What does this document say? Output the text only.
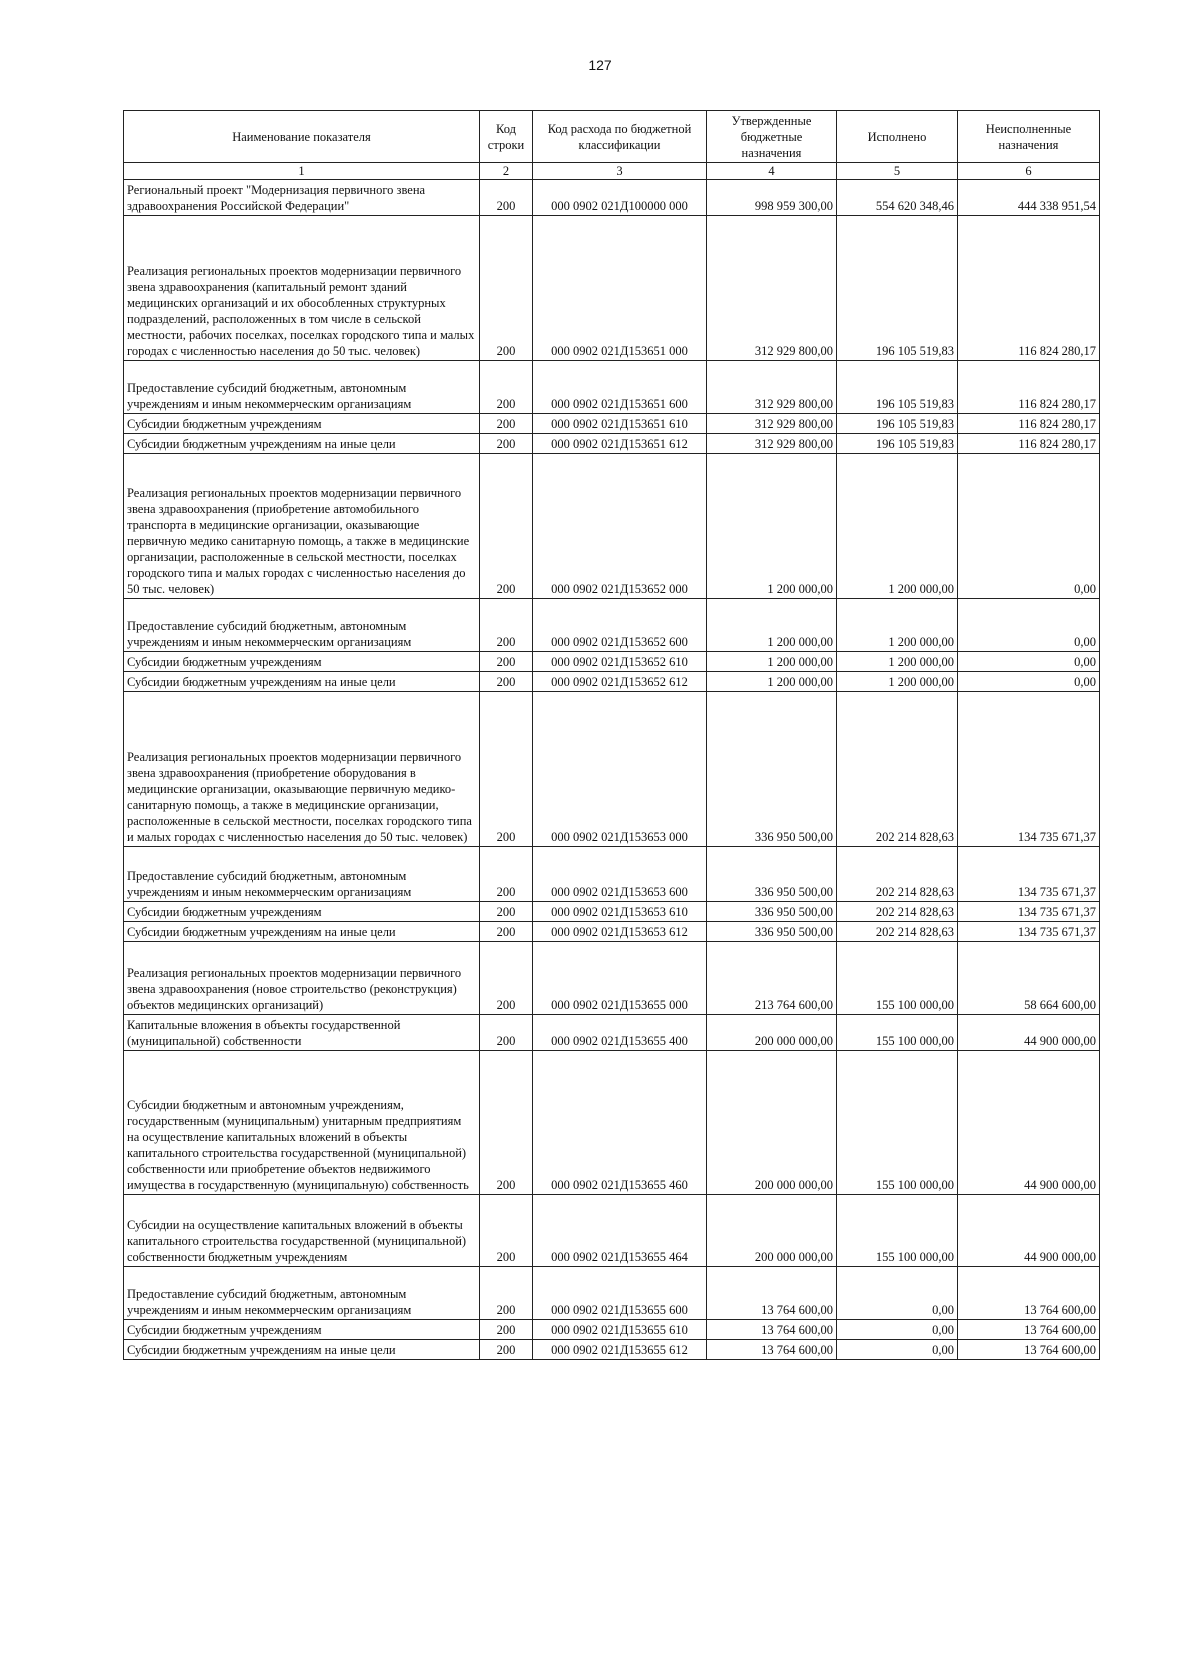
127
Наименование показателя	Код строки	Код расхода по бюджетной классификации	Утвержденные бюджетные назначения	Исполнено	Неисполненные назначения
1	2	3	4	5	6
Региональный проект "Модернизация первичного звена здравоохранения Российской Федерации"	200	000 0902 021Д100000 000	998 959 300,00	554 620 348,46	444 338 951,54
Реализация региональных проектов модернизации первичного звена здравоохранения (капитальный ремонт зданий медицинских организаций и их обособленных структурных подразделений, расположенных в том числе в сельской местности, рабочих поселках, поселках городского типа и малых городах с численностью населения до 50 тыс. человек)	200	000 0902 021Д153651 000	312 929 800,00	196 105 519,83	116 824 280,17
Предоставление субсидий бюджетным, автономным учреждениям и иным некоммерческим организациям	200	000 0902 021Д153651 600	312 929 800,00	196 105 519,83	116 824 280,17
Субсидии бюджетным учреждениям	200	000 0902 021Д153651 610	312 929 800,00	196 105 519,83	116 824 280,17
Субсидии бюджетным учреждениям на иные цели	200	000 0902 021Д153651 612	312 929 800,00	196 105 519,83	116 824 280,17
Реализация региональных проектов модернизации первичного звена здравоохранения (приобретение автомобильного транспорта в медицинские организации, оказывающие первичную медико санитарную помощь, а также в медицинские организации, расположенные в сельской местности, поселках городского типа и малых городах с численностью населения до 50 тыс. человек)	200	000 0902 021Д153652 000	1 200 000,00	1 200 000,00	0,00
Предоставление субсидий бюджетным, автономным учреждениям и иным некоммерческим организациям	200	000 0902 021Д153652 600	1 200 000,00	1 200 000,00	0,00
Субсидии бюджетным учреждениям	200	000 0902 021Д153652 610	1 200 000,00	1 200 000,00	0,00
Субсидии бюджетным учреждениям на иные цели	200	000 0902 021Д153652 612	1 200 000,00	1 200 000,00	0,00
Реализация региональных проектов модернизации первичного звена здравоохранения (приобретение оборудования в медицинские организации, оказывающие первичную медико-санитарную помощь, а также в медицинские организации, расположенные в сельской местности, поселках городского типа и малых городах с численностью населения до 50 тыс. человек)	200	000 0902 021Д153653 000	336 950 500,00	202 214 828,63	134 735 671,37
Предоставление субсидий бюджетным, автономным учреждениям и иным некоммерческим организациям	200	000 0902 021Д153653 600	336 950 500,00	202 214 828,63	134 735 671,37
Субсидии бюджетным учреждениям	200	000 0902 021Д153653 610	336 950 500,00	202 214 828,63	134 735 671,37
Субсидии бюджетным учреждениям на иные цели	200	000 0902 021Д153653 612	336 950 500,00	202 214 828,63	134 735 671,37
Реализация региональных проектов модернизации первичного звена здравоохранения (новое строительство (реконструкция) объектов медицинских организаций)	200	000 0902 021Д153655 000	213 764 600,00	155 100 000,00	58 664 600,00
Капитальные вложения в объекты государственной (муниципальной) собственности	200	000 0902 021Д153655 400	200 000 000,00	155 100 000,00	44 900 000,00
Субсидии бюджетным и автономным учреждениям, государственным (муниципальным) унитарным предприятиям на осуществление капитальных вложений в объекты капитального строительства государственной (муниципальной) собственности или приобретение объектов недвижимого имущества в государственную (муниципальную) собственность	200	000 0902 021Д153655 460	200 000 000,00	155 100 000,00	44 900 000,00
Субсидии на осуществление капитальных вложений в объекты капитального строительства государственной (муниципальной) собственности бюджетным учреждениям	200	000 0902 021Д153655 464	200 000 000,00	155 100 000,00	44 900 000,00
Предоставление субсидий бюджетным, автономным учреждениям и иным некоммерческим организациям	200	000 0902 021Д153655 600	13 764 600,00	0,00	13 764 600,00
Субсидии бюджетным учреждениям	200	000 0902 021Д153655 610	13 764 600,00	0,00	13 764 600,00
Субсидии бюджетным учреждениям на иные цели	200	000 0902 021Д153655 612	13 764 600,00	0,00	13 764 600,00
